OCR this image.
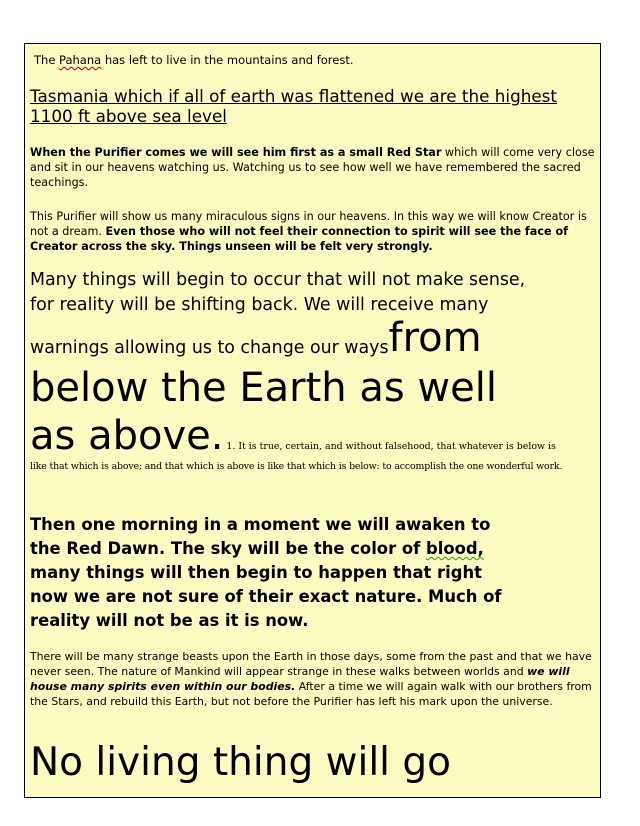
The Pahana has left to live in the mountains and forest.

Tasmania which if all of earth was flattened we are the highest 1100 ft above sea level

When the Purifier comes we will see him first as a small Red Star which will come very close and sit in our heavens watching us. Watching us to see how well we have remembered the sacred teachings.

This Purifier will show us many miraculous signs in our heavens. In this way we will know Creator is not a dream. Even those who will not feel their connection to spirit will see the face of Creator across the sky. Things unseen will be felt very strongly.

Many things will begin to occur that will not make sense,
for reality will be shifting back. We will receive many
warnings allowing us to change our waysfrom
below the Earth as well
as above. 1. It is true, certain, and without falsehood, that whatever is below is
like that which is above; and that which is above is like that which is below: to accomplish the one wonderful work.
Then one morning in a moment we will awaken to
the Red Dawn. The sky will be the color of blood,
many things will then begin to happen that right
now we are not sure of their exact nature. Much of
reality will not be as it is now.

There will be many strange beasts upon the Earth in those days, some from the past and that we have never seen. The nature of Mankind will appear strange in these walks between worlds and we will house many spirits even within our bodies. After a time we will again walk with our brothers from the Stars, and rebuild this Earth, but not before the Purifier has left his mark upon the universe.

No living thing will go
